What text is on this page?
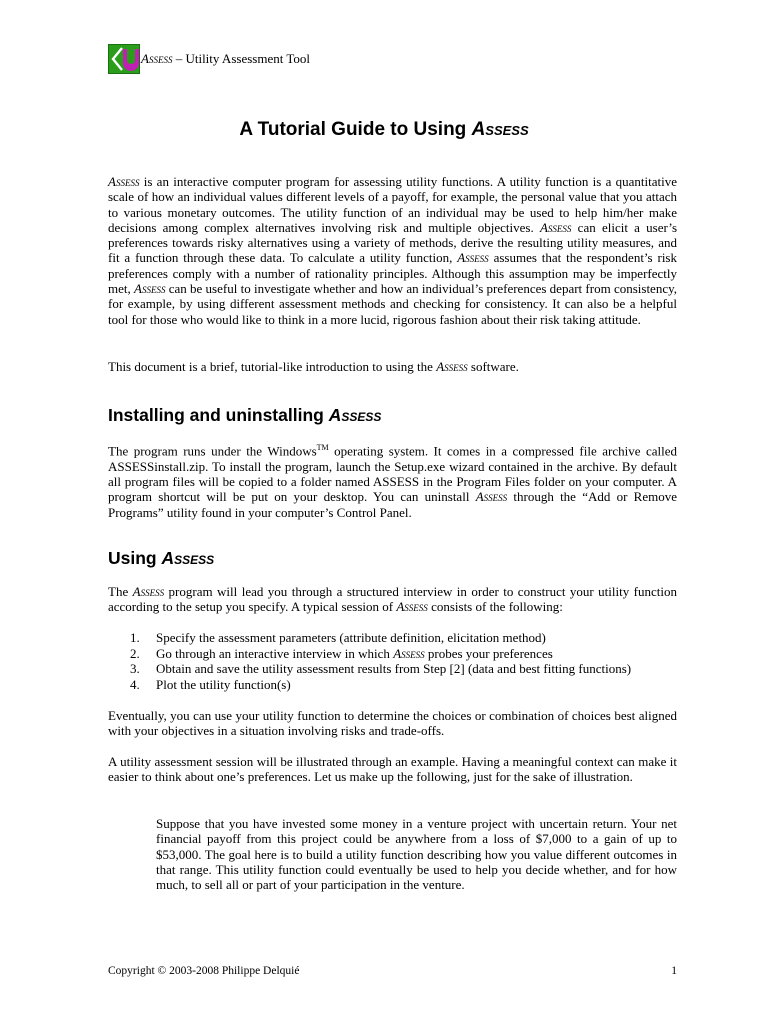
Assess – Utility Assessment Tool
A Tutorial Guide to Using Assess

Assess is an interactive computer program for assessing utility functions. A utility function is a quantitative scale of how an individual values different levels of a payoff, for example, the personal value that you attach to various monetary outcomes. The utility function of an individual may be used to help him/her make decisions among complex alternatives involving risk and multiple objectives. Assess can elicit a user’s preferences towards risky alternatives using a variety of methods, derive the resulting utility measures, and fit a function through these data. To calculate a utility function, Assess assumes that the respondent’s risk preferences comply with a number of rationality principles. Although this assumption may be imperfectly met, Assess can be useful to investigate whether and how an individual’s preferences depart from consistency, for example, by using different assessment methods and checking for consistency. It can also be a helpful tool for those who would like to think in a more lucid, rigorous fashion about their risk taking attitude.

This document is a brief, tutorial-like introduction to using the Assess software.

Installing and uninstalling Assess

The program runs under the Windows™ operating system. It comes in a compressed file archive called ASSESSinstall.zip. To install the program, launch the Setup.exe wizard contained in the archive. By default all program files will be copied to a folder named ASSESS in the Program Files folder on your computer. A program shortcut will be put on your desktop. You can uninstall Assess through the “Add or Remove Programs” utility found in your computer’s Control Panel.

Using Assess

The Assess program will lead you through a structured interview in order to construct your utility function according to the setup you specify. A typical session of Assess consists of the following:

1.	Specify the assessment parameters (attribute definition, elicitation method)
2.	Go through an interactive interview in which Assess probes your preferences
3.	Obtain and save the utility assessment results from Step [2] (data and best fitting functions)
4.	Plot the utility function(s)

Eventually, you can use your utility function to determine the choices or combination of choices best aligned with your objectives in a situation involving risks and trade-offs.

A utility assessment session will be illustrated through an example. Having a meaningful context can make it easier to think about one’s preferences. Let us make up the following, just for the sake of illustration.

Suppose that you have invested some money in a venture project with uncertain return. Your net financial payoff from this project could be anywhere from a loss of $7,000 to a gain of up to $53,000. The goal here is to build a utility function describing how you value different outcomes in that range. This utility function could eventually be used to help you decide whether, and for how much, to sell all or part of your participation in the venture.

Copyright © 2003-2008 Philippe Delquié	1
